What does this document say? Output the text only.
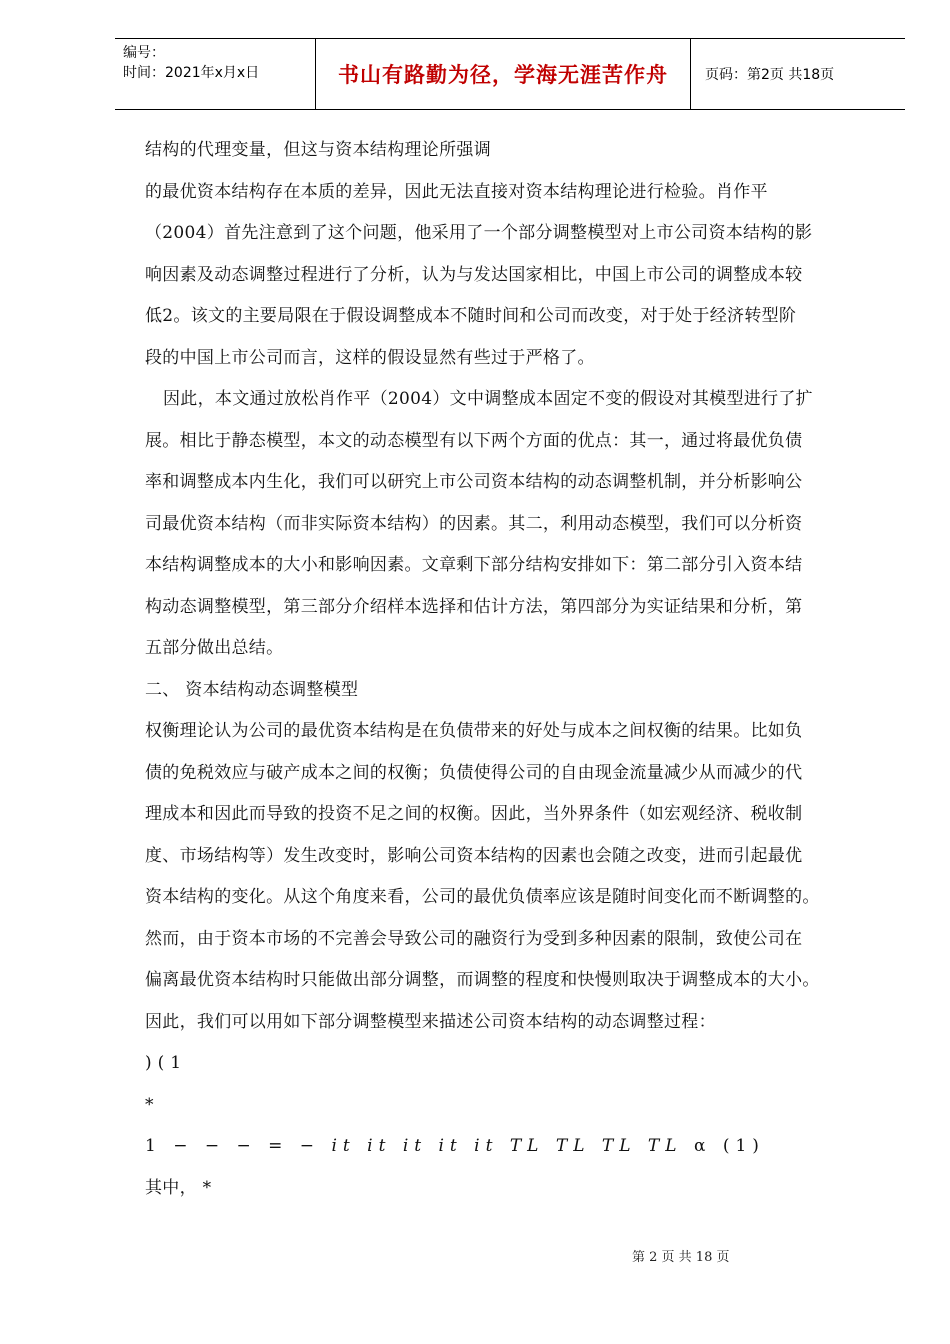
编号：
时间：2021年x月x日	书山有路勤为径，学海无涯苦作舟	页码：第2页 共18页

结构的代理变量，但这与资本结构理论所强调

的最优资本结构存在本质的差异，因此无法直接对资本结构理论进行检验。肖作平

（2004）首先注意到了这个问题，他采用了一个部分调整模型对上市公司资本结构的影

响因素及动态调整过程进行了分析，认为与发达国家相比，中国上市公司的调整成本较

低2。该文的主要局限在于假设调整成本不随时间和公司而改变，对于处于经济转型阶

段的中国上市公司而言，这样的假设显然有些过于严格了。

因此，本文通过放松肖作平（2004）文中调整成本固定不变的假设对其模型进行了扩

展。相比于静态模型，本文的动态模型有以下两个方面的优点：其一，通过将最优负债

率和调整成本内生化，我们可以研究上市公司资本结构的动态调整机制，并分析影响公

司最优资本结构（而非实际资本结构）的因素。其二，利用动态模型，我们可以分析资

本结构调整成本的大小和影响因素。文章剩下部分结构安排如下：第二部分引入资本结

构动态调整模型，第三部分介绍样本选择和估计方法，第四部分为实证结果和分析，第

五部分做出总结。

二、 资本结构动态调整模型

权衡理论认为公司的最优资本结构是在负债带来的好处与成本之间权衡的结果。比如负

债的免税效应与破产成本之间的权衡；负债使得公司的自由现金流量减少从而减少的代

理成本和因此而导致的投资不足之间的权衡。因此，当外界条件（如宏观经济、税收制

度、市场结构等）发生改变时，影响公司资本结构的因素也会随之改变，进而引起最优

资本结构的变化。从这个角度来看，公司的最优负债率应该是随时间变化而不断调整的。

然而，由于资本市场的不完善会导致公司的融资行为受到多种因素的限制，致使公司在

偏离最优资本结构时只能做出部分调整，而调整的程度和快慢则取决于调整成本的大小。

因此，我们可以用如下部分调整模型来描述公司资本结构的动态调整过程：

) ( 1

*

1 − − − = − it it it it it TL TL TL TL α (1)

其中， *

第 2 页 共 18 页
